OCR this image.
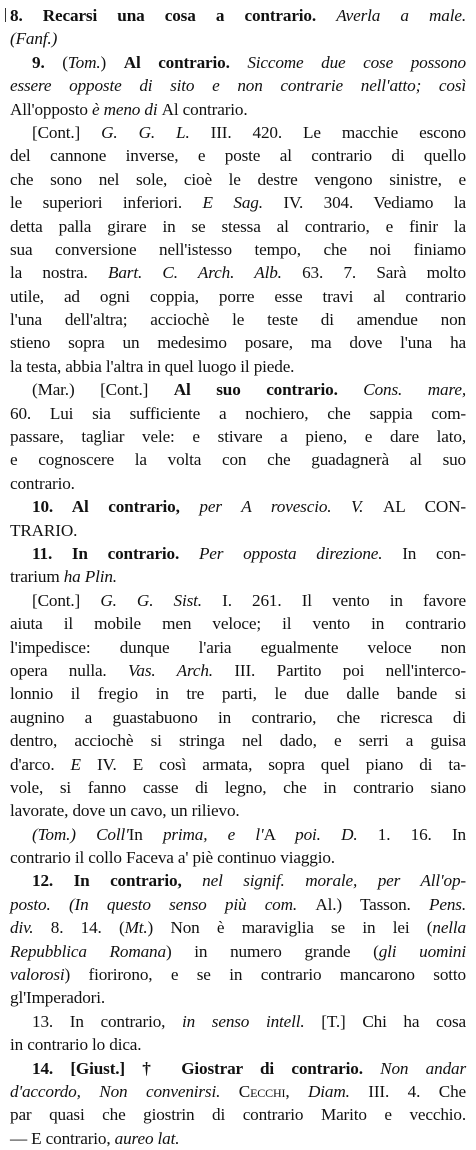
8. Recarsi una cosa a contrario. Averla a male.
(Fanf.)
9. (Tom.) Al contrario. Siccome due cose possono
essere opposte di sito e non contrarie nell'atto; così
All'opposto è meno di Al contrario.
[Cont.] G. G. L. III. 420. Le macchie escono
del cannone inverse, e poste al contrario di quello
che sono nel sole, cioè le destre vengono sinistre, e
le superiori inferiori. E Sag. IV. 304. Vediamo la
detta palla girare in se stessa al contrario, e finir la
sua conversione nell'istesso tempo, che noi finiamo
la nostra. Bart. C. Arch. Alb. 63. 7. Sarà molto
utile, ad ogni coppia, porre esse travi al contrario
l'una dell'altra; acciochè le teste di amendue non
stieno sopra un medesimo posare, ma dove l'una ha
la testa, abbia l'altra in quel luogo il piede.
(Mar.) [Cont.] Al suo contrario. Cons. mare,
60. Lui sia sufficiente a nochiero, che sappia com-
passare, tagliar vele: e stivare a pieno, e dare lato,
e cognoscere la volta con che guadagnerà al suo
contrario.
10. Al contrario, per A rovescio. V. AL CON-
TRARIO.
11. In contrario. Per opposta direzione. In con-
trarium ha Plin.
[Cont.] G. G. Sist. I. 261. Il vento in favore
aiuta il mobile men veloce; il vento in contrario
l'impedisce: dunque l'aria egualmente veloce non
opera nulla. Vas. Arch. III. Partito poi nell'interco-
lonnio il fregio in tre parti, le due dalle bande si
augnino a guastabuono in contrario, che ricresca di
dentro, acciochè si stringa nel dado, e serri a guisa
d'arco. E IV. E così armata, sopra quel piano di ta-
vole, si fanno casse di legno, che in contrario siano
lavorate, dove un cavo, un rilievo.
(Tom.) Coll'In prima, e l'A poi. D. 1. 16. In
contrario il collo Faceva a' piè continuo viaggio.
12. In contrario, nel signif. morale, per All'op-
posto. (In questo senso più com. Al.) Tasson. Pens.
div. 8. 14. (Mt.) Non è maraviglia se in lei (nella
Repubblica Romana) in numero grande (gli uomini
valorosi) fiorirono, e se in contrario mancarono sotto
gl'Imperadori.
13. In contrario, in senso intell. [T.] Chi ha cosa
in contrario lo dica.
14. [Giust.] † Giostrar di contrario. Non andar
d'accordo, Non convenirsi. Cecchi, Diam. III. 4. Che
par quasi che giostrin di contrario Marito e vecchio.
— E contrario, aureo lat.
